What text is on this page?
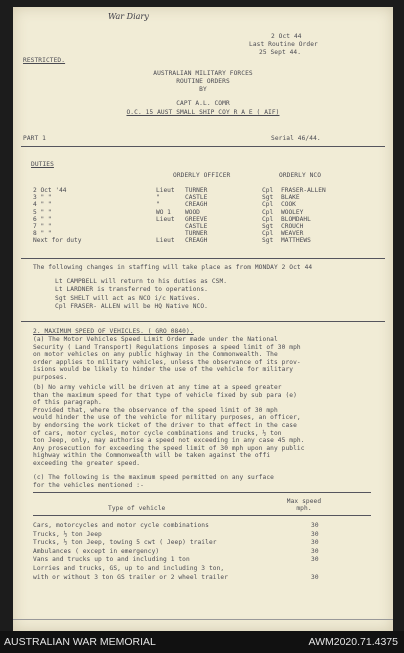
War Diary
2 Oct 44
Last Routine Order
25 Sept 44.
RESTRICTED.
AUSTRALIAN MILITARY FORCES
ROUTINE ORDERS
BY
CAPT A.L. COMR
O.C. 15 AUST SMALL SHIP COY R A E ( AIF)
PART 1	Serial 46/44.
DUTIES
ORDERLY OFFICER	ORDERLY NCO
2 Oct '44	Lieut	TURNER	Cpl	FRASER-ALLEN
3 " "	"	CASTLE	Sgt	BLAKE
4 " "	"	CREAGH	Cpl	COOK
5 " "	WO 1	WOOD	Cpl	WOOLEY
6 " "	Lieut	GREEVE	Cpl	BLOMDAHL
7 " "		CASTLE	Sgt	CROUCH
8 " "		TURNER	Cpl	WEAVER
Next for duty	Lieut	CREAGH	Sgt	MATTHEWS
The following changes in staffing will take place as from MONDAY 2 Oct 44
Lt CAMPBELL will return to his duties as CSM.
Lt LARDNER is transferred to operations.
Sgt SHELT will act as NCO i/c Natives.
Cpl FRASER- ALLEN will be HQ Native NCO.
2. MAXIMUM SPEED OF VEHICLES. ( GRO 0840).
(a) The Motor Vehicles Speed Limit Order made under the National
Security ( Land Transport) Regulations imposes a speed limit of 30 mph
on motor vehicles on any public highway in the Commonwealth. The
order applies to military vehicles, unless the observance of its prov-
isions would be likely to hinder the use of the vehicle for military
purposes.
(b) No army vehicle will be driven at any time at a speed greater
than the maximum speed for that type of vehicle fixed by sub para (e)
of this paragraph.
Provided that, where the observance of the speed limit of 30 mph
would hinder the use of the vehicle for military purposes, an officer,
by endorsing the work ticket of the driver to that effect in the case
of cars, motor cycles, motor cycle combinations and trucks, ½ ton
ton Jeep, only, may authorise a speed not exceeding in any case 45 mph.
Any prosecution for exceeding the speed limit of 30 mph upon any public
highway within the Commonwealth will be taken against the offi
exceeding the greater speed.
(c) The following is the maximum speed permitted on any surface
for the vehicles mentioned :-
Type of vehicle
Max speed mph.
Cars, motorcycles and motor cycle combinations	30
Trucks, ½ ton Jeep	30
Trucks, ½ ton Jeep, towing 5 cwt ( Jeep) trailer	30
Ambulances ( except in emergency)	30
Vans and trucks up to and including 1 ton	30
Lorries and trucks, GS, up to and including 3 ton,
with or without 3 ton GS trailer or 2 wheel trailer	30
AUSTRALIAN WAR MEMORIAL	AWM2020.71.4375
